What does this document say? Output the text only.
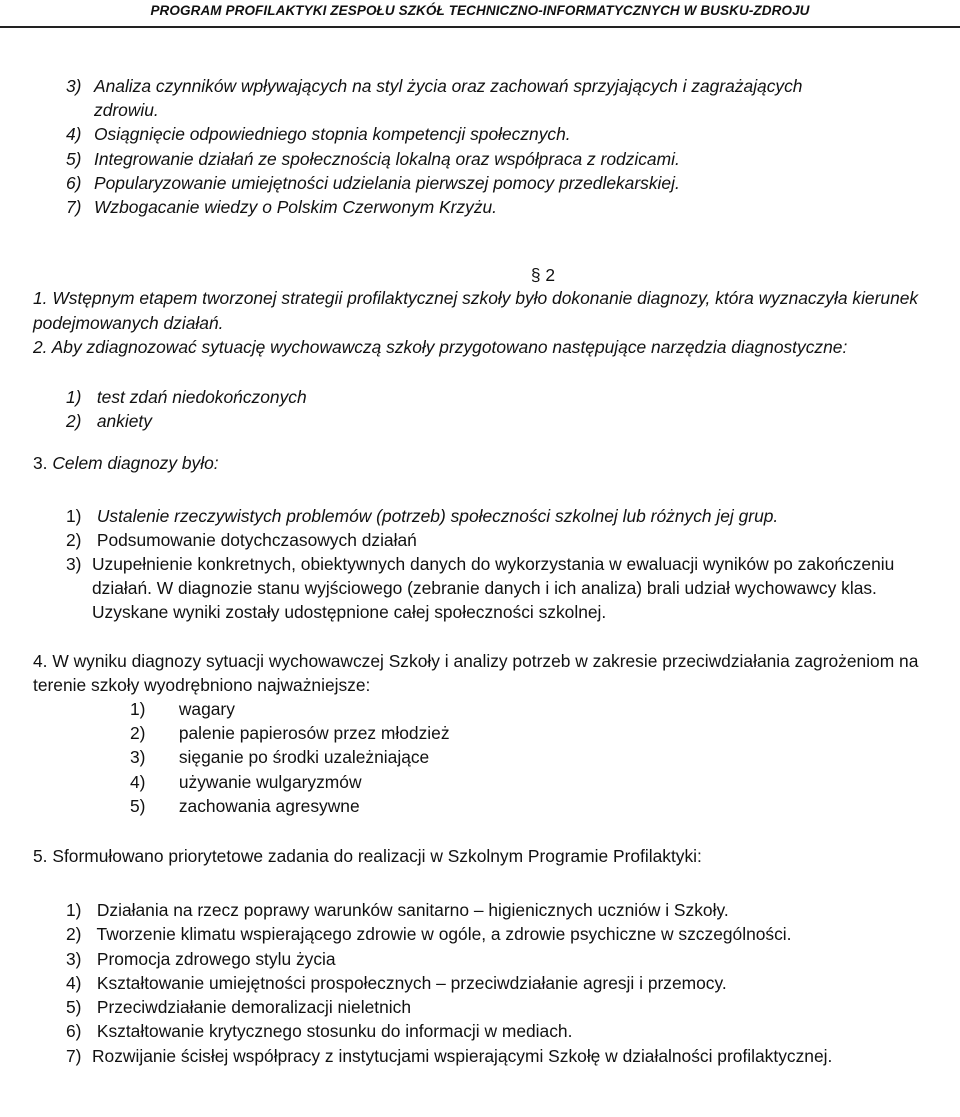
PROGRAM PROFILAKTYKI ZESPOŁU SZKÓŁ TECHNICZNO-INFORMATYCZNYCH W BUSKU-ZDROJU
3) Analiza czynników wpływających na styl życia oraz zachowań sprzyjających i zagrażających zdrowiu.
4) Osiągnięcie odpowiedniego stopnia kompetencji społecznych.
5) Integrowanie działań ze społecznością lokalną oraz współpraca z rodzicami.
6) Popularyzowanie umiejętności udzielania pierwszej pomocy przedlekarskiej.
7) Wzbogacanie wiedzy o Polskim Czerwonym Krzyżu.
§ 2
1. Wstępnym etapem tworzonej strategii profilaktycznej szkoły było dokonanie diagnozy, która wyznaczyła kierunek podejmowanych działań.
2. Aby zdiagnozować sytuację wychowawczą szkoły przygotowano następujące narzędzia diagnostyczne:
1) test zdań niedokończonych
2) ankiety
3. Celem diagnozy było:
1) Ustalenie rzeczywistych problemów (potrzeb) społeczności szkolnej lub różnych jej grup.
2) Podsumowanie dotychczasowych działań
3) Uzupełnienie konkretnych, obiektywnych danych do wykorzystania w ewaluacji wyników po zakończeniu działań. W diagnozie stanu wyjściowego (zebranie danych i ich analiza) brali udział wychowawcy klas. Uzyskane wyniki zostały udostępnione całej społeczności szkolnej.
4. W wyniku diagnozy sytuacji wychowawczej Szkoły i analizy potrzeb w zakresie przeciwdziałania zagrożeniom na terenie szkoły wyodrębniono najważniejsze:
1) wagary
2) palenie papierosów przez młodzież
3) sięganie po środki uzależniające
4) używanie wulgaryzmów
5) zachowania agresywne
5. Sformułowano priorytetowe zadania do realizacji w Szkolnym Programie Profilaktyki:
1) Działania na rzecz poprawy warunków sanitarno – higienicznych uczniów i Szkoły.
2) Tworzenie klimatu wspierającego zdrowie w ogóle, a zdrowie psychiczne w szczególności.
3) Promocja zdrowego stylu życia
4) Kształtowanie umiejętności prospołecznych – przeciwdziałanie agresji i przemocy.
5) Przeciwdziałanie demoralizacji nieletnich
6) Kształtowanie krytycznego stosunku do informacji w mediach.
7) Rozwijanie ścisłej współpracy z instytucjami wspierającymi Szkołę w działalności profilaktycznej.
